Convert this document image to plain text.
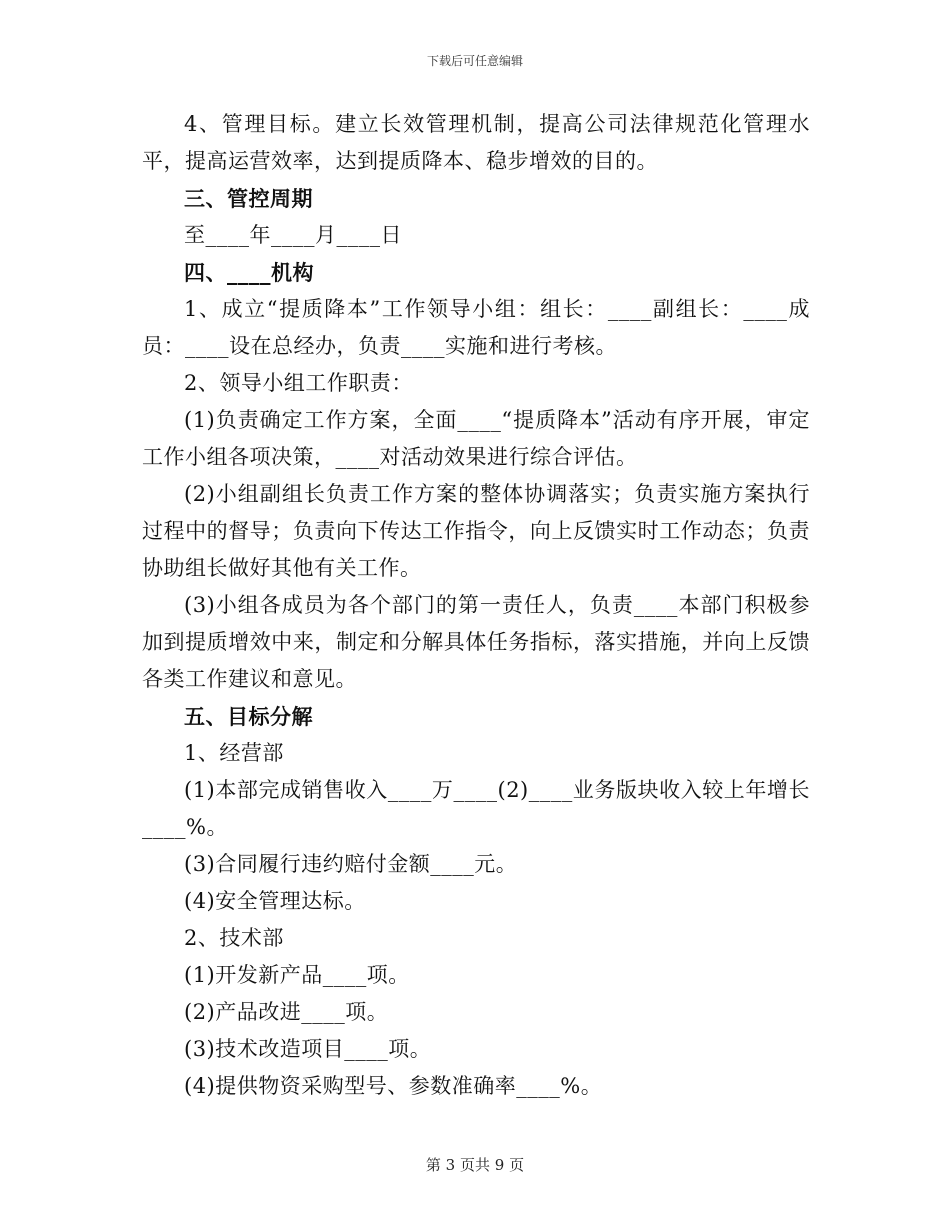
下载后可任意编辑

4、管理目标。建立长效管理机制，提高公司法律规范化管理水平，提高运营效率，达到提质降本、稳步增效的目的。

三、管控周期

至____年____月____日

四、____机构

1、成立“提质降本”工作领导小组：组长：____副组长：____成员：____设在总经办，负责____实施和进行考核。

2、领导小组工作职责：

(1)负责确定工作方案，全面____“提质降本”活动有序开展，审定工作小组各项决策，____对活动效果进行综合评估。

(2)小组副组长负责工作方案的整体协调落实；负责实施方案执行过程中的督导；负责向下传达工作指令，向上反馈实时工作动态；负责协助组长做好其他有关工作。

(3)小组各成员为各个部门的第一责任人，负责____本部门积极参加到提质增效中来，制定和分解具体任务指标，落实措施，并向上反馈各类工作建议和意见。

五、目标分解

1、经营部

(1)本部完成销售收入____万____(2)____业务版块收入较上年增长____%。

(3)合同履行违约赔付金额____元。

(4)安全管理达标。

2、技术部

(1)开发新产品____项。

(2)产品改进____项。

(3)技术改造项目____项。

(4)提供物资采购型号、参数准确率____%。

第 3 页共 9 页
